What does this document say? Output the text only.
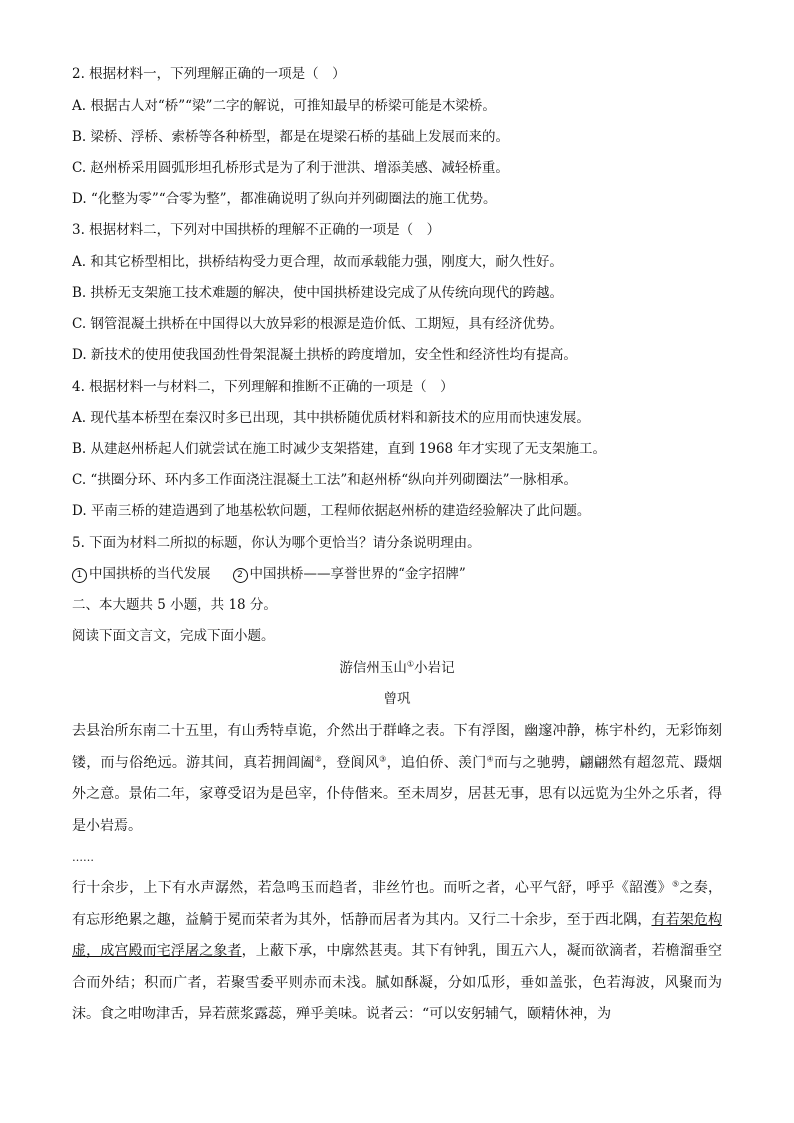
2. 根据材料一，下列理解正确的一项是（　）
A. 根据古人对“桥”“梁”二字的解说，可推知最早的桥梁可能是木梁桥。
B. 梁桥、浮桥、索桥等各种桥型，都是在堤梁石桥的基础上发展而来的。
C. 赵州桥采用圆弧形坦孔桥形式是为了利于泄洪、增添美感、减轻桥重。
D. “化整为零”“合零为整”，都准确说明了纵向并列砌圈法的施工优势。
3. 根据材料二，下列对中国拱桥的理解不正确的一项是（　）
A. 和其它桥型相比，拱桥结构受力更合理，故而承载能力强，刚度大，耐久性好。
B. 拱桥无支架施工技术难题的解决，使中国拱桥建设完成了从传统向现代的跨越。
C. 钢管混凝土拱桥在中国得以大放异彩的根源是造价低、工期短，具有经济优势。
D. 新技术的使用使我国劲性骨架混凝土拱桥的跨度增加，安全性和经济性均有提高。
4. 根据材料一与材料二，下列理解和推断不正确的一项是（　）
A. 现代基本桥型在秦汉时多已出现，其中拱桥随优质材料和新技术的应用而快速发展。
B. 从建赵州桥起人们就尝试在施工时减少支架搭建，直到 1968 年才实现了无支架施工。
C. “拱圈分环、环内多工作面浇注混凝土工法”和赵州桥“纵向并列砌圈法”一脉相承。
D. 平南三桥的建造遇到了地基松软问题，工程师依据赵州桥的建造经验解决了此问题。
5. 下面为材料二所拟的标题，你认为哪个更恰当？请分条说明理由。
1 中国拱桥的当代发展	2 中国拱桥——享誉世界的“金字招牌”
二、本大题共 5 小题，共 18 分。
阅读下面文言文，完成下面小题。
游信州玉山①小岩记
曾巩
去县治所东南二十五里，有山秀特卓诡，介然出于群峰之表。下有浮图，幽邃冲静，栋宇朴约，无彩饰刻镂，而与俗绝远。游其间，真若拥阊阖②，登阆风③，追伯侨、羡门④而与之驰骋，翩翩然有超忽荒、蹑烟外之意。景佑二年，家尊受诏为是邑宰，仆侍偕来。至未周岁，居甚无事，思有以远览为尘外之乐者，得是小岩焉。
……
行十余步，上下有水声潺然，若急鸣玉而趋者，非丝竹也。而听之者，心平气舒，呼乎《韶濩》⑤之奏，有忘形绝累之趣，益觭于冕而荣者为其外，恬静而居者为其内。又行二十余步，至于西北隅，有若架危构虚，成宫殿而宅浮屠之象者，上蔽下承，中廓然甚夷。其下有钟乳，围五六人，凝而欲滴者，若檐溜垂空合而外结；积而广者，若聚雪委平则赤而未浅。腻如酥凝，分如瓜形，垂如盖张，色若海波，风聚而为沫。食之咁吻津舌，异若蔗浆露蕊，殚乎美味。说者云：“可以安躬辅气，颐精休神，为
